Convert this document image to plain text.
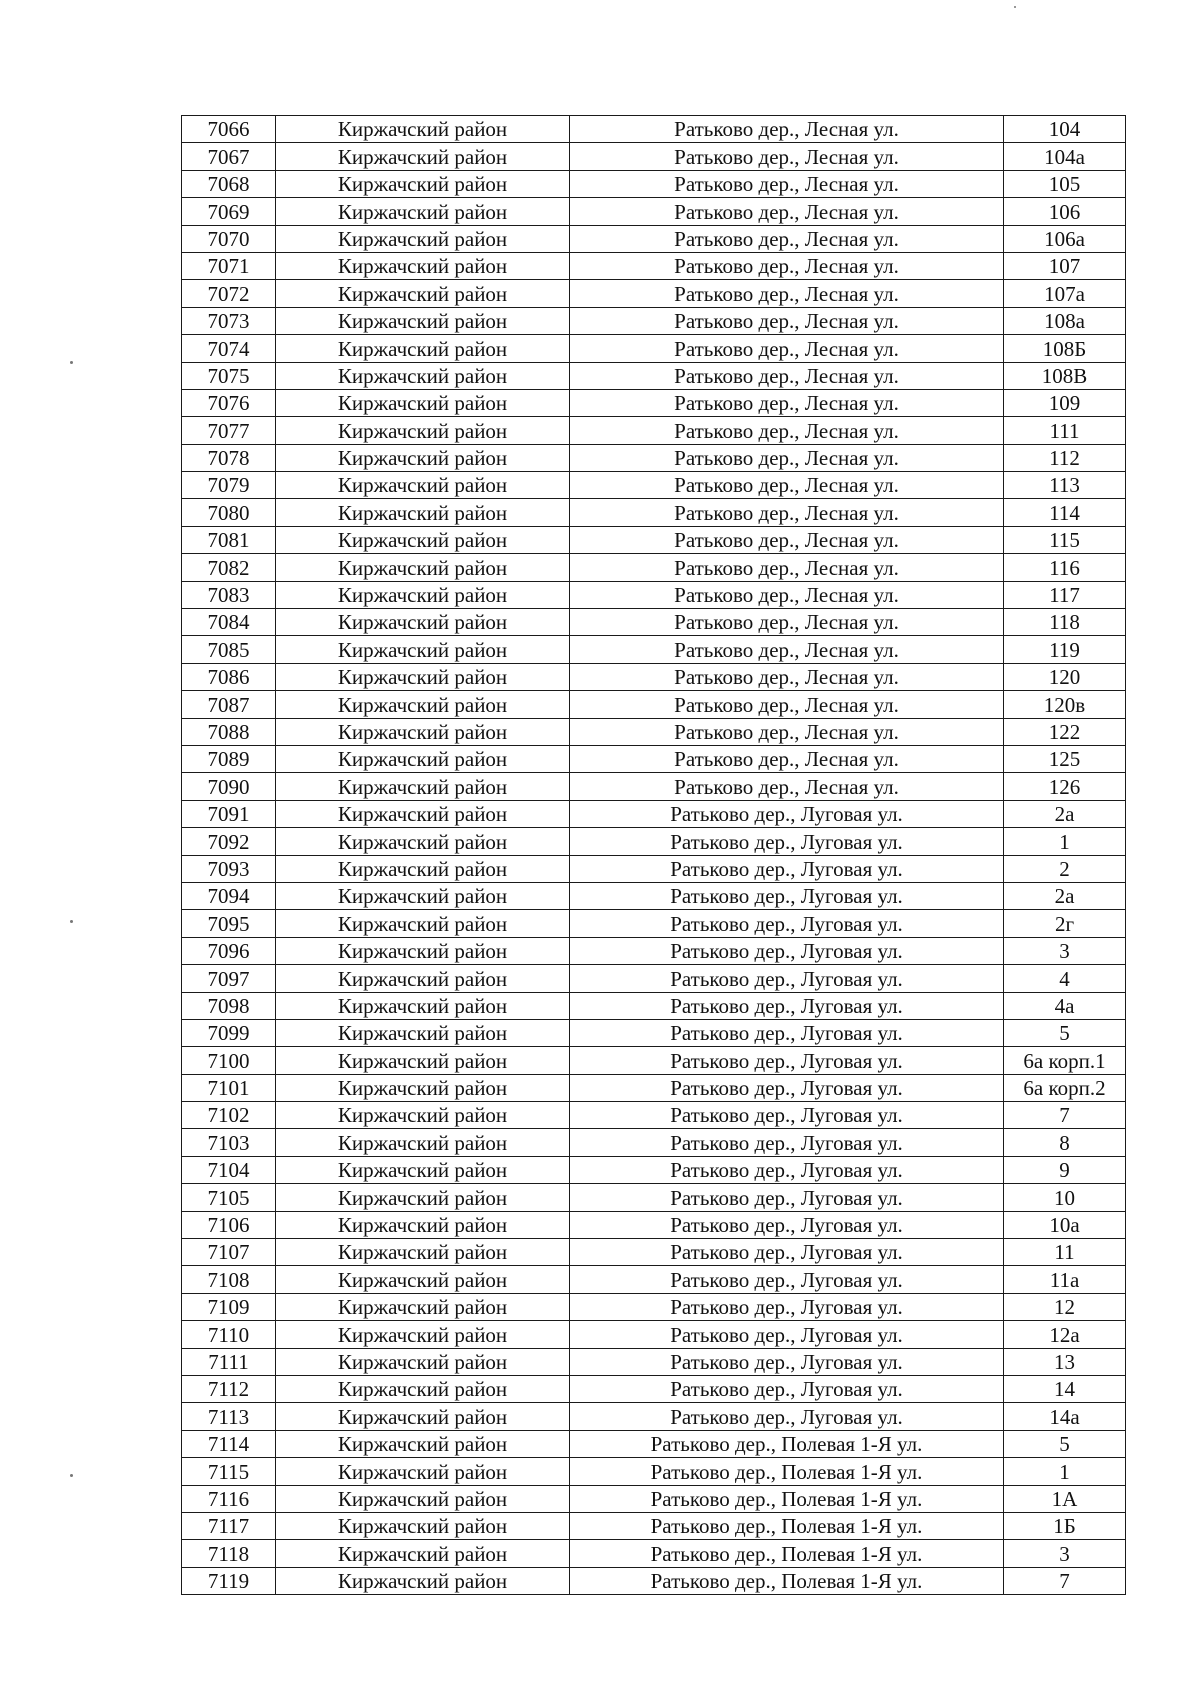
7066	Киржачский район	Ратьково дер., Лесная ул.	104
7067	Киржачский район	Ратьково дер., Лесная ул.	104а
7068	Киржачский район	Ратьково дер., Лесная ул.	105
7069	Киржачский район	Ратьково дер., Лесная ул.	106
7070	Киржачский район	Ратьково дер., Лесная ул.	106а
7071	Киржачский район	Ратьково дер., Лесная ул.	107
7072	Киржачский район	Ратьково дер., Лесная ул.	107а
7073	Киржачский район	Ратьково дер., Лесная ул.	108а
7074	Киржачский район	Ратьково дер., Лесная ул.	108Б
7075	Киржачский район	Ратьково дер., Лесная ул.	108В
7076	Киржачский район	Ратьково дер., Лесная ул.	109
7077	Киржачский район	Ратьково дер., Лесная ул.	111
7078	Киржачский район	Ратьково дер., Лесная ул.	112
7079	Киржачский район	Ратьково дер., Лесная ул.	113
7080	Киржачский район	Ратьково дер., Лесная ул.	114
7081	Киржачский район	Ратьково дер., Лесная ул.	115
7082	Киржачский район	Ратьково дер., Лесная ул.	116
7083	Киржачский район	Ратьково дер., Лесная ул.	117
7084	Киржачский район	Ратьково дер., Лесная ул.	118
7085	Киржачский район	Ратьково дер., Лесная ул.	119
7086	Киржачский район	Ратьково дер., Лесная ул.	120
7087	Киржачский район	Ратьково дер., Лесная ул.	120в
7088	Киржачский район	Ратьково дер., Лесная ул.	122
7089	Киржачский район	Ратьково дер., Лесная ул.	125
7090	Киржачский район	Ратьково дер., Лесная ул.	126
7091	Киржачский район	Ратьково дер., Луговая ул.	2а
7092	Киржачский район	Ратьково дер., Луговая ул.	1
7093	Киржачский район	Ратьково дер., Луговая ул.	2
7094	Киржачский район	Ратьково дер., Луговая ул.	2а
7095	Киржачский район	Ратьково дер., Луговая ул.	2г
7096	Киржачский район	Ратьково дер., Луговая ул.	3
7097	Киржачский район	Ратьково дер., Луговая ул.	4
7098	Киржачский район	Ратьково дер., Луговая ул.	4а
7099	Киржачский район	Ратьково дер., Луговая ул.	5
7100	Киржачский район	Ратьково дер., Луговая ул.	6а корп.1
7101	Киржачский район	Ратьково дер., Луговая ул.	6а корп.2
7102	Киржачский район	Ратьково дер., Луговая ул.	7
7103	Киржачский район	Ратьково дер., Луговая ул.	8
7104	Киржачский район	Ратьково дер., Луговая ул.	9
7105	Киржачский район	Ратьково дер., Луговая ул.	10
7106	Киржачский район	Ратьково дер., Луговая ул.	10а
7107	Киржачский район	Ратьково дер., Луговая ул.	11
7108	Киржачский район	Ратьково дер., Луговая ул.	11а
7109	Киржачский район	Ратьково дер., Луговая ул.	12
7110	Киржачский район	Ратьково дер., Луговая ул.	12а
7111	Киржачский район	Ратьково дер., Луговая ул.	13
7112	Киржачский район	Ратьково дер., Луговая ул.	14
7113	Киржачский район	Ратьково дер., Луговая ул.	14а
7114	Киржачский район	Ратьково дер., Полевая 1-Я ул.	5
7115	Киржачский район	Ратьково дер., Полевая 1-Я ул.	1
7116	Киржачский район	Ратьково дер., Полевая 1-Я ул.	1А
7117	Киржачский район	Ратьково дер., Полевая 1-Я ул.	1Б
7118	Киржачский район	Ратьково дер., Полевая 1-Я ул.	3
7119	Киржачский район	Ратьково дер., Полевая 1-Я ул.	7
